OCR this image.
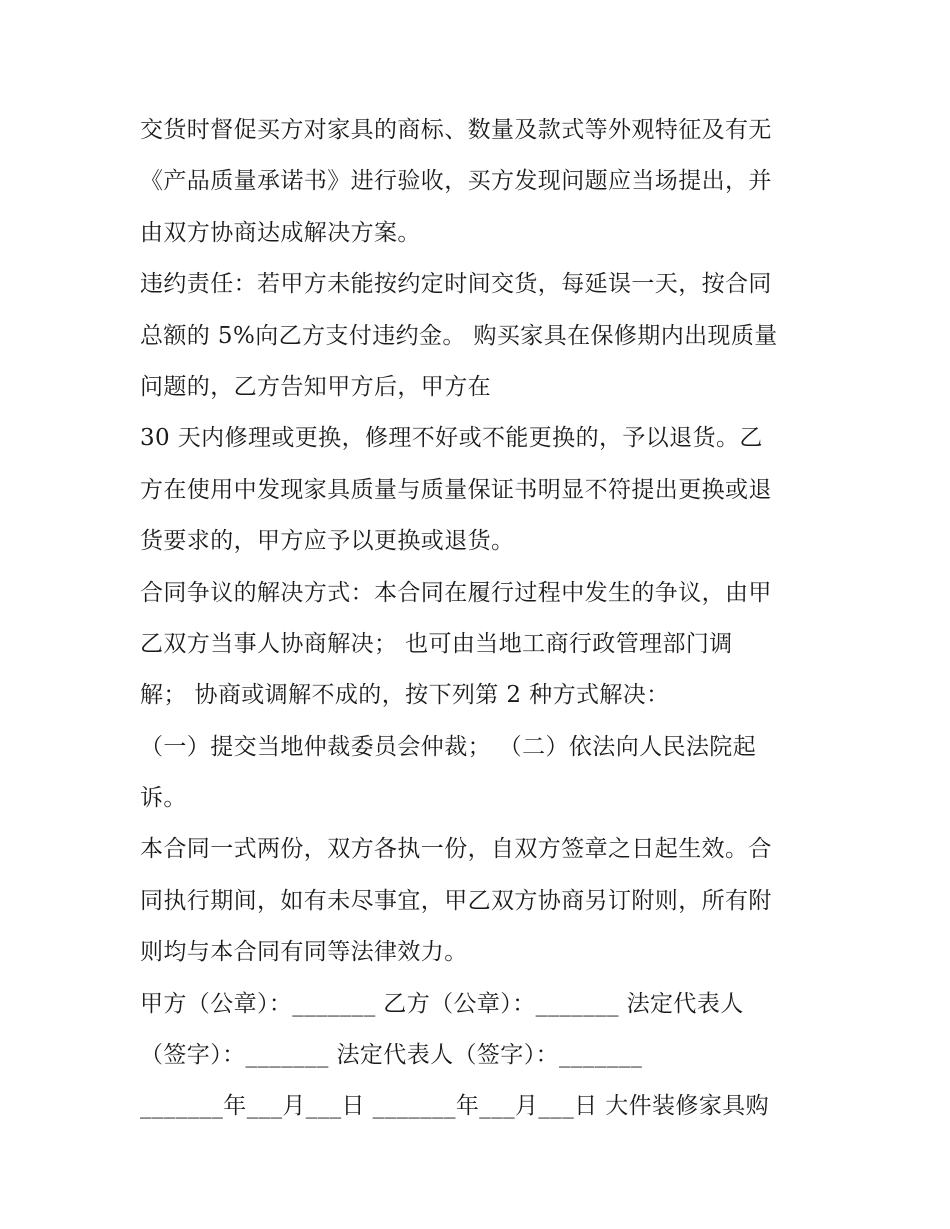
交货时督促买方对家具的商标、数量及款式等外观特征及有无
《产品质量承诺书》进行验收，买方发现问题应当场提出，并
由双方协商达成解决方案。
违约责任：若甲方未能按约定时间交货，每延误一天，按合同
总额的 5%向乙方支付违约金。 购买家具在保修期内出现质量
问题的，乙方告知甲方后，甲方在
30 天内修理或更换，修理不好或不能更换的，予以退货。乙
方在使用中发现家具质量与质量保证书明显不符提出更换或退
货要求的，甲方应予以更换或退货。
合同争议的解决方式：本合同在履行过程中发生的争议，由甲
乙双方当事人协商解决； 也可由当地工商行政管理部门调
解； 协商或调解不成的，按下列第 2 种方式解决：
（一）提交当地仲裁委员会仲裁； （二）依法向人民法院起
诉。
本合同一式两份，双方各执一份，自双方签章之日起生效。合
同执行期间，如有未尽事宜，甲乙双方协商另订附则，所有附
则均与本合同有同等法律效力。
甲方（公章）：_______ 乙方（公章）：_______ 法定代表人
（签字）：_______ 法定代表人（签字）：_______
_______年___月___日 _______年___月___日 大件装修家具购
